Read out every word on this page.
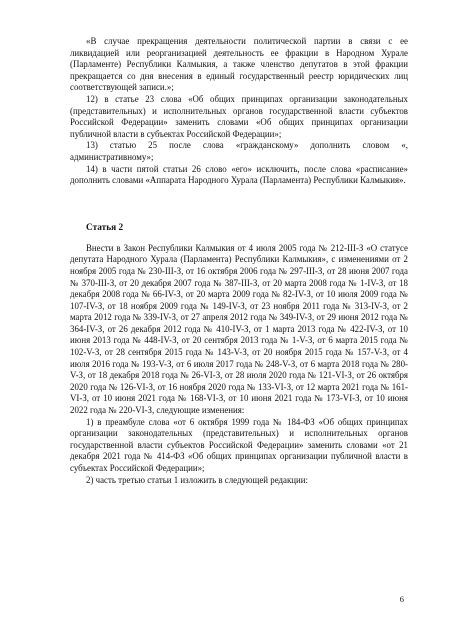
«В случае прекращения деятельности политической партии в связи с ее ликвидацией или реорганизацией деятельность ее фракции в Народном Хурале (Парламенте) Республики Калмыкия, а также членство депутатов в этой фракции прекращается со дня внесения в единый государственный реестр юридических лиц соответствующей записи.»;

12) в статье 23 слова «Об общих принципах организации законодательных (представительных) и исполнительных органов государственной власти субъектов Российской Федерации» заменить словами «Об общих принципах организации публичной власти в субъектах Российской Федерации»;

13) статью 25 после слова «гражданскому» дополнить словом «, административному»;

14) в части пятой статьи 26 слово «его» исключить, после слова «расписание» дополнить словами «Аппарата Народного Хурала (Парламента) Республики Калмыкия».

Статья 2

Внести в Закон Республики Калмыкия от 4 июля 2005 года № 212-III-З «О статусе депутата Народного Хурала (Парламента) Республики Калмыкия», с изменениями от 2 ноября 2005 года № 230-III-З, от 16 октября 2006 года № 297-III-З, от 28 июня 2007 года № 370-III-З, от 20 декабря 2007 года № 387-III-З, от 20 марта 2008 года № 1-IV-З, от 18 декабря 2008 года № 66-IV-З, от 20 марта 2009 года № 82-IV-З, от 10 июля 2009 года № 107-IV-З, от 18 ноября 2009 года № 149-IV-З, от 23 ноября 2011 года № 313-IV-З, от 2 марта 2012 года № 339-IV-З, от 27 апреля 2012 года № 349-IV-З, от 29 июня 2012 года № 364-IV-З, от 26 декабря 2012 года № 410-IV-З, от 1 марта 2013 года № 422-IV-З, от 10 июня 2013 года № 448-IV-З, от 20 сентября 2013 года № 1-V-З, от 6 марта 2015 года № 102-V-З, от 28 сентября 2015 года № 143-V-З, от 20 ноября 2015 года № 157-V-З, от 4 июля 2016 года № 193-V-З, от 6 июля 2017 года № 248-V-З, от 6 марта 2018 года № 280-V-З, от 18 декабря 2018 года № 26-VI-З, от 28 июля 2020 года № 121-VI-З, от 26 октября 2020 года № 126-VI-З, от 16 ноября 2020 года № 133-VI-З, от 12 марта 2021 года № 161-VI-З, от 10 июня 2021 года № 168-VI-З, от 10 июня 2021 года № 173-VI-З, от 10 июня 2022 года № 220-VI-З, следующие изменения:

1) в преамбуле слова «от 6 октября 1999 года № 184-ФЗ «Об общих принципах организации законодательных (представительных) и исполнительных органов государственной власти субъектов Российской Федерации» заменить словами «от 21 декабря 2021 года № 414-ФЗ «Об общих принципах организации публичной власти в субъектах Российской Федерации»;

2) часть третью статьи 1 изложить в следующей редакции:

6
